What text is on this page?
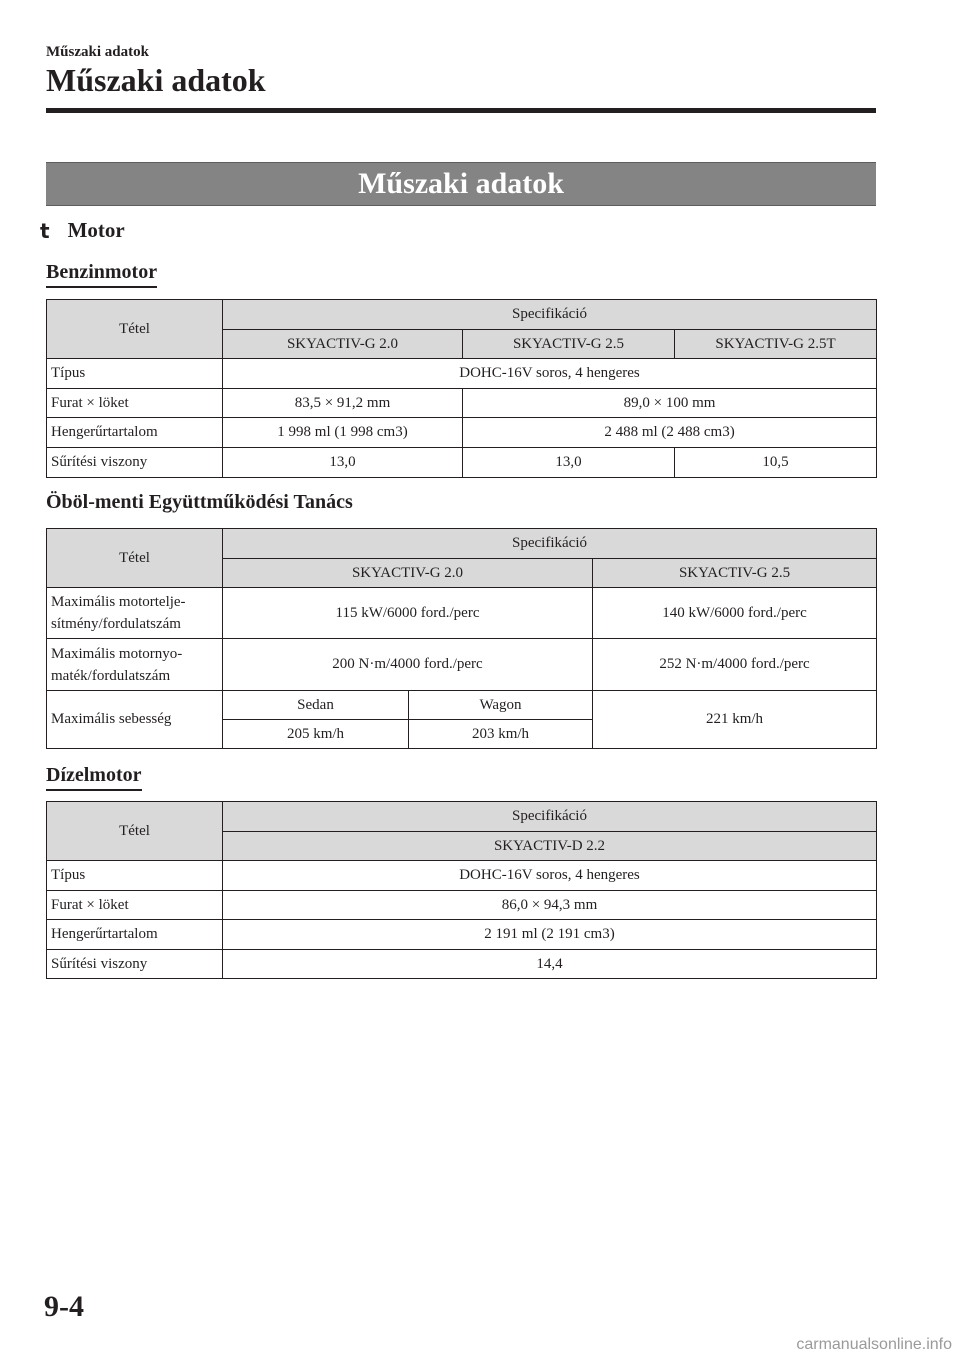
Műszaki adatok
Műszaki adatok
Műszaki adatok
t Motor
Benzinmotor
Tétel	Specifikáció		
	SKYACTIV-G 2.0	SKYACTIV-G 2.5	SKYACTIV-G 2.5T
Típus	DOHC-16V soros, 4 hengeres		
Furat × löket	83,5 × 91,2 mm	89,0 × 100 mm	
Hengerűrtartalom	1 998 ml (1 998 cm3)	2 488 ml (2 488 cm3)	
Sűrítési viszony	13,0	13,0	10,5
Öböl-menti Együttműködési Tanács
Tétel	Specifikáció		
	SKYACTIV-G 2.0		SKYACTIV-G 2.5

Maximális motortelje-
sítmény/fordulatszám	115 kW/6000 ford./perc		140 kW/6000 ford./perc

Maximális motornyo-
maték/fordulatszám	200 N·m/4000 ford./perc		252 N·m/4000 ford./perc
Maximális sebesség	Sedan	Wagon	221 km/h
	205 km/h	203 km/h	
Dízelmotor
Tétel	Specifikáció
	SKYACTIV-D 2.2
Típus	DOHC-16V soros, 4 hengeres
Furat × löket	86,0 × 94,3 mm
Hengerűrtartalom	2 191 ml (2 191 cm3)
Sűrítési viszony	14,4
9-4
carmanualsonline.info
